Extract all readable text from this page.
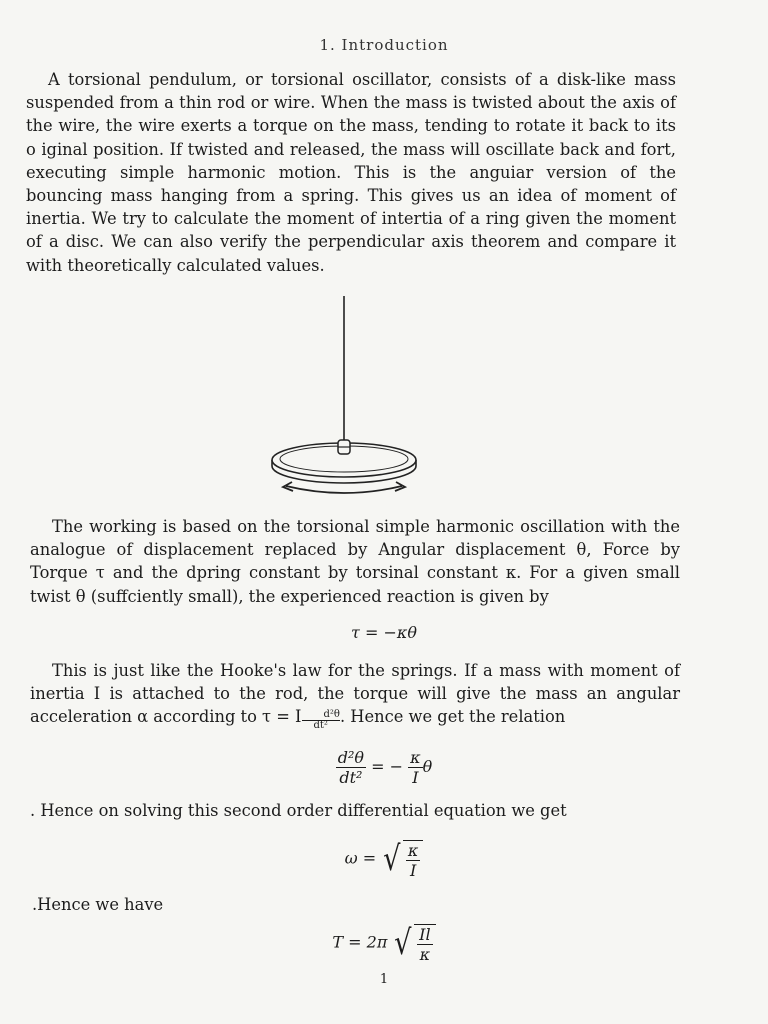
1. Introduction
A torsional pendulum, or torsional oscillator, consists of a disk-like mass suspended from a thin rod or wire. When the mass is twisted about the axis of the wire, the wire exerts a torque on the mass, tending to rotate it back to its o iginal position. If twisted and released, the mass will oscillate back and fort, executing simple harmonic motion. This is the anguiar version of the bouncing mass hanging from a spring. This gives us an idea of moment of inertia. We try to calculate the moment of intertia of a ring given the moment of a disc. We can also verify the perpendicular axis theorem and compare it with theoretically calculated values.
The working is based on the torsional simple harmonic oscillation with the analogue of displacement replaced by Angular displacement θ, Force by Torque τ and the dpring constant by torsinal constant κ. For a given small twist θ (suffciently small), the experienced reaction is given by
τ = −κθ
This is just like the Hooke's law for the springs. If a mass with moment of inertia I is attached to the rod, the torque will give the mass an angular acceleration α according to τ = I $\frac{\text{d²θ}}{\text{dt²}}$. Hence we get the relation
$\frac{\text{d²θ}}{\text{dt²}}$ = − $\frac{\kappa}{I}$ θ
. Hence on solving this second order differential equation we get
ω = √ $\frac{\kappa}{I}$
.Hence we have
T = 2π √ $\frac{Il}{\kappa}$
1
